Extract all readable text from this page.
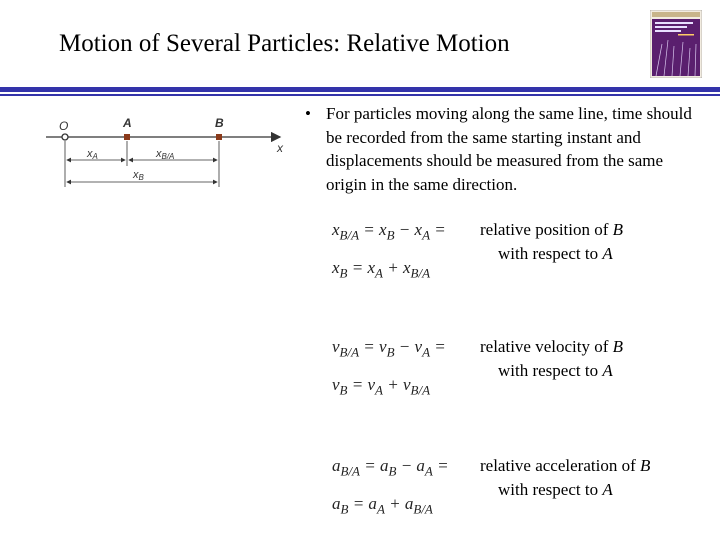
Motion of Several Particles: Relative Motion
O	A	B
x
xA	xB/A
xB
• For particles moving along the same line, time should be recorded from the same starting instant and displacements should be measured from the same origin in the same direction.
$x_{B/A} = x_B - x_A$ =
$x_B = x_A + x_{B/A}$
relative position of B
with respect to A
$v_{B/A} = v_B - v_A$ =
$v_B = v_A + v_{B/A}$
relative velocity of B
with respect to A
$a_{B/A} = a_B - a_A$ =
$a_B = a_A + a_{B/A}$
relative acceleration of B
with respect to A
